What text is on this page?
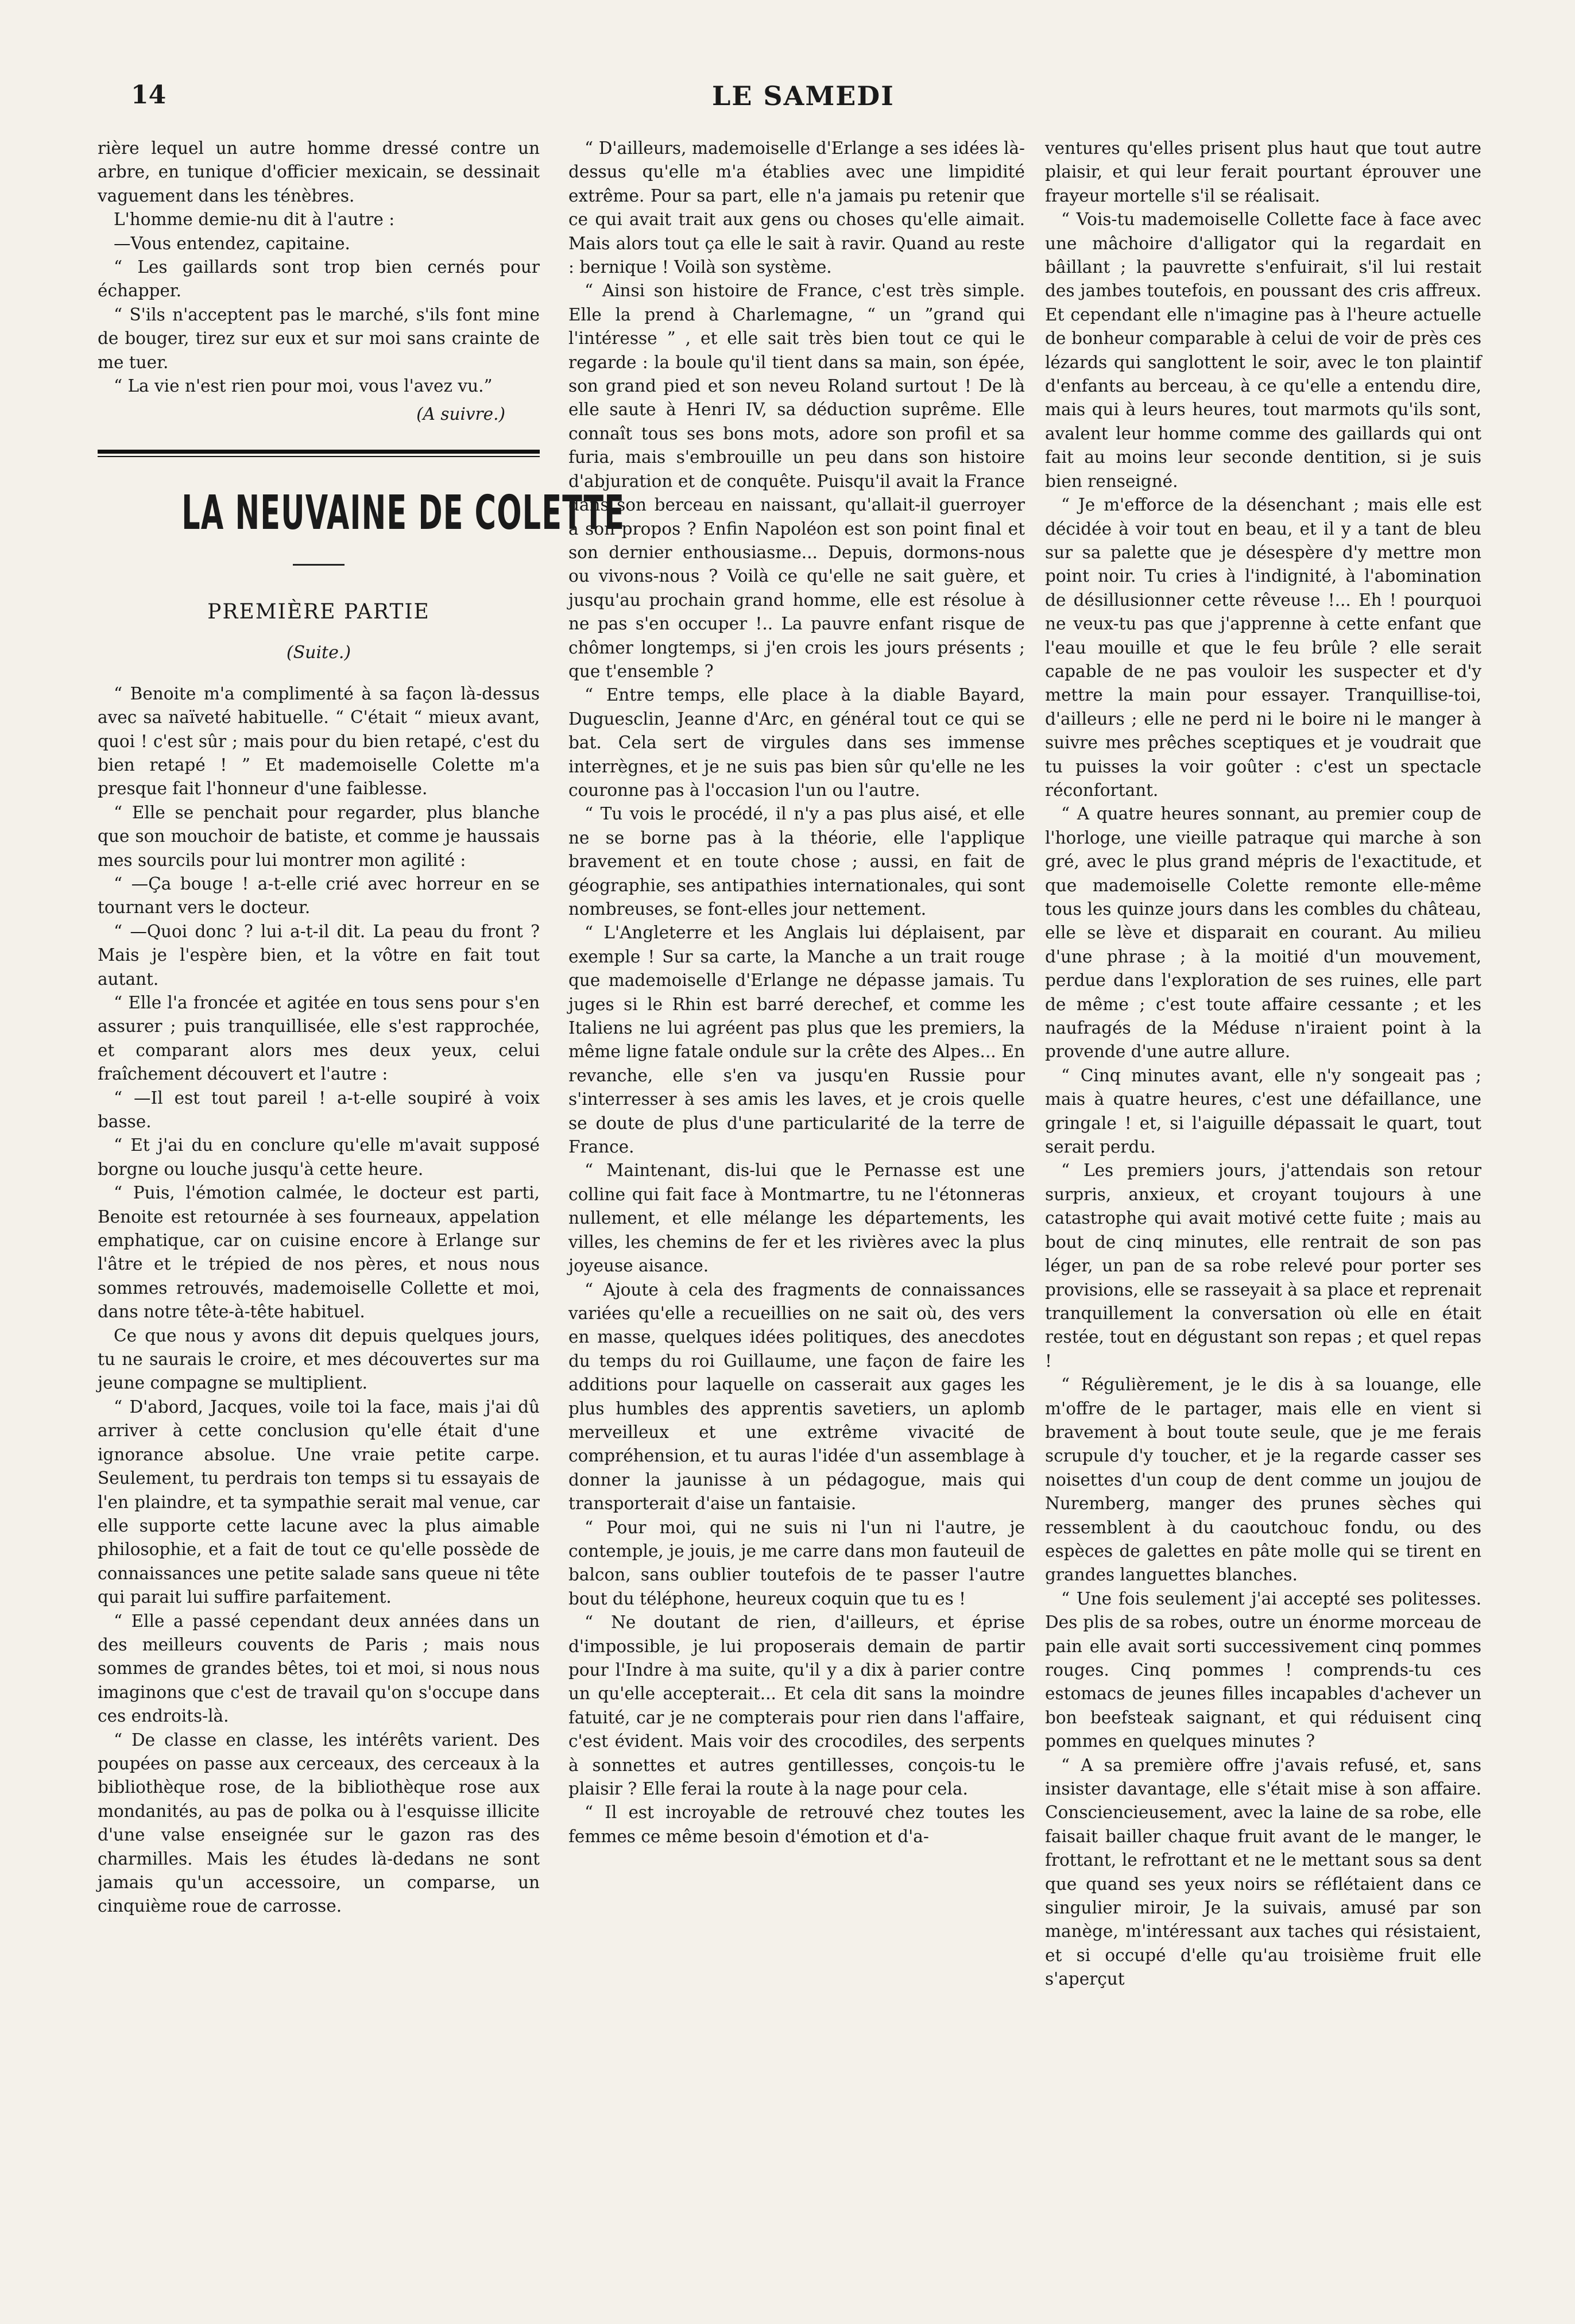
14	LE SAMEDI

rière lequel un autre homme dressé contre un arbre, en tunique d'officier mexicain, se dessinait vaguement dans les ténèbres.

L'homme demie-nu dit à l'autre :

—Vous entendez, capitaine.

“ Les gaillards sont trop bien cernés pour échapper.

“ S'ils n'acceptent pas le marché, s'ils font mine de bouger, tirez sur eux et sur moi sans crainte de me tuer.

“ La vie n'est rien pour moi, vous l'avez vu.”

(A suivre.)
LA NEUVAINE DE COLETTE
PREMIÈRE PARTIE
(Suite.)

“ Benoite m'a complimenté à sa façon là-dessus avec sa naïveté habituelle. “ C'était “ mieux avant, quoi ! c'est sûr ; mais pour du bien retapé, c'est du bien retapé ! ” Et mademoiselle Colette m'a presque fait l'honneur d'une faiblesse.

“ Elle se penchait pour regarder, plus blanche que son mouchoir de batiste, et comme je haussais mes sourcils pour lui montrer mon agilité :

“ —Ça bouge ! a-t-elle crié avec horreur en se tournant vers le docteur.

“ —Quoi donc ? lui a-t-il dit. La peau du front ? Mais je l'espère bien, et la vôtre en fait tout autant.

“ Elle l'a froncée et agitée en tous sens pour s'en assurer ; puis tranquillisée, elle s'est rapprochée, et comparant alors mes deux yeux, celui fraîchement découvert et l'autre :

“ —Il est tout pareil ! a-t-elle soupiré à voix basse.

“ Et j'ai du en conclure qu'elle m'avait supposé borgne ou louche jusqu'à cette heure.

“ Puis, l'émotion calmée, le docteur est parti, Benoite est retournée à ses fourneaux, appelation emphatique, car on cuisine encore à Erlange sur l'âtre et le trépied de nos pères, et nous nous sommes retrouvés, mademoiselle Collette et moi, dans notre tête-à-tête habituel.

Ce que nous y avons dit depuis quelques jours, tu ne saurais le croire, et mes découvertes sur ma jeune compagne se multiplient.

“ D'abord, Jacques, voile toi la face, mais j'ai dû arriver à cette conclusion qu'elle était d'une ignorance absolue. Une vraie petite carpe. Seulement, tu perdrais ton temps si tu essayais de l'en plaindre, et ta sympathie serait mal venue, car elle supporte cette lacune avec la plus aimable philosophie, et a fait de tout ce qu'elle possède de connaissances une petite salade sans queue ni tête qui parait lui suffire parfaitement.

“ Elle a passé cependant deux années dans un des meilleurs couvents de Paris ; mais nous sommes de grandes bêtes, toi et moi, si nous nous imaginons que c'est de travail qu'on s'occupe dans ces endroits-là.

“ De classe en classe, les intérêts varient. Des poupées on passe aux cerceaux, des cerceaux à la bibliothèque rose, de la bibliothèque rose aux mondanités, au pas de polka ou à l'esquisse illicite d'une valse enseignée sur le gazon ras des charmilles. Mais les études là-dedans ne sont jamais qu'un accessoire, un comparse, un cinquième roue de carrosse.

“ D'ailleurs, mademoiselle d'Erlange a ses idées là-dessus qu'elle m'a établies avec une limpidité extrême. Pour sa part, elle n'a jamais pu retenir que ce qui avait trait aux gens ou choses qu'elle aimait. Mais alors tout ça elle le sait à ravir. Quand au reste : bernique ! Voilà son système.

“ Ainsi son histoire de France, c'est très simple. Elle la prend à Charlemagne, “ un ”grand qui l'intéresse ” , et elle sait très bien tout ce qui le regarde : la boule qu'il tient dans sa main, son épée, son grand pied et son neveu Roland surtout ! De là elle saute à Henri IV, sa déduction suprême. Elle connaît tous ses bons mots, adore son profil et sa furia, mais s'embrouille un peu dans son histoire d'abjuration et de conquête. Puisqu'il avait la France dans son berceau en naissant, qu'allait-il guerroyer à son propos ? Enfin Napoléon est son point final et son dernier enthousiasme... Depuis, dormons-nous ou vivons-nous ? Voilà ce qu'elle ne sait guère, et jusqu'au prochain grand homme, elle est résolue à ne pas s'en occuper !.. La pauvre enfant risque de chômer longtemps, si j'en crois les jours présents ; que t'ensemble ?

“ Entre temps, elle place à la diable Bayard, Duguesclin, Jeanne d'Arc, en général tout ce qui se bat. Cela sert de virgules dans ses immense interrègnes, et je ne suis pas bien sûr qu'elle ne les couronne pas à l'occasion l'un ou l'autre.

“ Tu vois le procédé, il n'y a pas plus aisé, et elle ne se borne pas à la théorie, elle l'applique bravement et en toute chose ; aussi, en fait de géographie, ses antipathies internationales, qui sont nombreuses, se font-elles jour nettement.

“ L'Angleterre et les Anglais lui déplaisent, par exemple ! Sur sa carte, la Manche a un trait rouge que mademoiselle d'Erlange ne dépasse jamais. Tu juges si le Rhin est barré derechef, et comme les Italiens ne lui agréent pas plus que les premiers, la même ligne fatale ondule sur la crête des Alpes... En revanche, elle s'en va jusqu'en Russie pour s'interresser à ses amis les laves, et je crois quelle se doute de plus d'une particularité de la terre de France.

“ Maintenant, dis-lui que le Pernasse est une colline qui fait face à Montmartre, tu ne l'étonneras nullement, et elle mélange les départements, les villes, les chemins de fer et les rivières avec la plus joyeuse aisance.

“ Ajoute à cela des fragments de connaissances variées qu'elle a recueillies on ne sait où, des vers en masse, quelques idées politiques, des anecdotes du temps du roi Guillaume, une façon de faire les additions pour laquelle on casserait aux gages les plus humbles des apprentis savetiers, un aplomb merveilleux et une extrême vivacité de compréhension, et tu auras l'idée d'un assemblage à donner la jaunisse à un pédagogue, mais qui transporterait d'aise un fantaisie.

“ Pour moi, qui ne suis ni l'un ni l'autre, je contemple, je jouis, je me carre dans mon fauteuil de balcon, sans oublier toutefois de te passer l'autre bout du téléphone, heureux coquin que tu es !

“ Ne doutant de rien, d'ailleurs, et éprise d'impossible, je lui proposerais demain de partir pour l'Indre à ma suite, qu'il y a dix à parier contre un qu'elle accepterait... Et cela dit sans la moindre fatuité, car je ne compterais pour rien dans l'affaire, c'est évident. Mais voir des crocodiles, des serpents à sonnettes et autres gentillesses, conçois-tu le plaisir ? Elle ferai la route à la nage pour cela.

“ Il est incroyable de retrouvé chez toutes les femmes ce même besoin d'émotion et d'a-

ventures qu'elles prisent plus haut que tout autre plaisir, et qui leur ferait pourtant éprouver une frayeur mortelle s'il se réalisait.

“ Vois-tu mademoiselle Collette face à face avec une mâchoire d'alligator qui la regardait en bâillant ; la pauvrette s'enfuirait, s'il lui restait des jambes toutefois, en poussant des cris affreux. Et cependant elle n'imagine pas à l'heure actuelle de bonheur comparable à celui de voir de près ces lézards qui sanglottent le soir, avec le ton plaintif d'enfants au berceau, à ce qu'elle a entendu dire, mais qui à leurs heures, tout marmots qu'ils sont, avalent leur homme comme des gaillards qui ont fait au moins leur seconde dentition, si je suis bien renseigné.

“ Je m'efforce de la désenchant ; mais elle est décidée à voir tout en beau, et il y a tant de bleu sur sa palette que je désespère d'y mettre mon point noir. Tu cries à l'indignité, à l'abomination de désillusionner cette rêveuse !... Eh ! pourquoi ne veux-tu pas que j'apprenne à cette enfant que l'eau mouille et que le feu brûle ? elle serait capable de ne pas vouloir les suspecter et d'y mettre la main pour essayer. Tranquillise-toi, d'ailleurs ; elle ne perd ni le boire ni le manger à suivre mes prêches sceptiques et je voudrait que tu puisses la voir goûter : c'est un spectacle réconfortant.

“ A quatre heures sonnant, au premier coup de l'horloge, une vieille patraque qui marche à son gré, avec le plus grand mépris de l'exactitude, et que mademoiselle Colette remonte elle-même tous les quinze jours dans les combles du château, elle se lève et disparait en courant. Au milieu d'une phrase ; à la moitié d'un mouvement, perdue dans l'exploration de ses ruines, elle part de même ; c'est toute affaire cessante ; et les naufragés de la Méduse n'iraient point à la provende d'une autre allure.

“ Cinq minutes avant, elle n'y songeait pas ; mais à quatre heures, c'est une défaillance, une gringale ! et, si l'aiguille dépassait le quart, tout serait perdu.

“ Les premiers jours, j'attendais son retour surpris, anxieux, et croyant toujours à une catastrophe qui avait motivé cette fuite ; mais au bout de cinq minutes, elle rentrait de son pas léger, un pan de sa robe relevé pour porter ses provisions, elle se rasseyait à sa place et reprenait tranquillement la conversation où elle en était restée, tout en dégustant son repas ; et quel repas !

“ Régulièrement, je le dis à sa louange, elle m'offre de le partager, mais elle en vient si bravement à bout toute seule, que je me ferais scrupule d'y toucher, et je la regarde casser ses noisettes d'un coup de dent comme un joujou de Nuremberg, manger des prunes sèches qui ressemblent à du caoutchouc fondu, ou des espèces de galettes en pâte molle qui se tirent en grandes languettes blanches.

“ Une fois seulement j'ai accepté ses politesses. Des plis de sa robes, outre un énorme morceau de pain elle avait sorti successivement cinq pommes rouges. Cinq pommes ! comprends-tu ces estomacs de jeunes filles incapables d'achever un bon beefsteak saignant, et qui réduisent cinq pommes en quelques minutes ?

“ A sa première offre j'avais refusé, et, sans insister davantage, elle s'était mise à son affaire. Consciencieusement, avec la laine de sa robe, elle faisait bailler chaque fruit avant de le manger, le frottant, le refrottant et ne le mettant sous sa dent que quand ses yeux noirs se réflétaient dans ce singulier miroir, Je la suivais, amusé par son manège, m'intéressant aux taches qui résistaient, et si occupé d'elle qu'au troisième fruit elle s'aperçut
